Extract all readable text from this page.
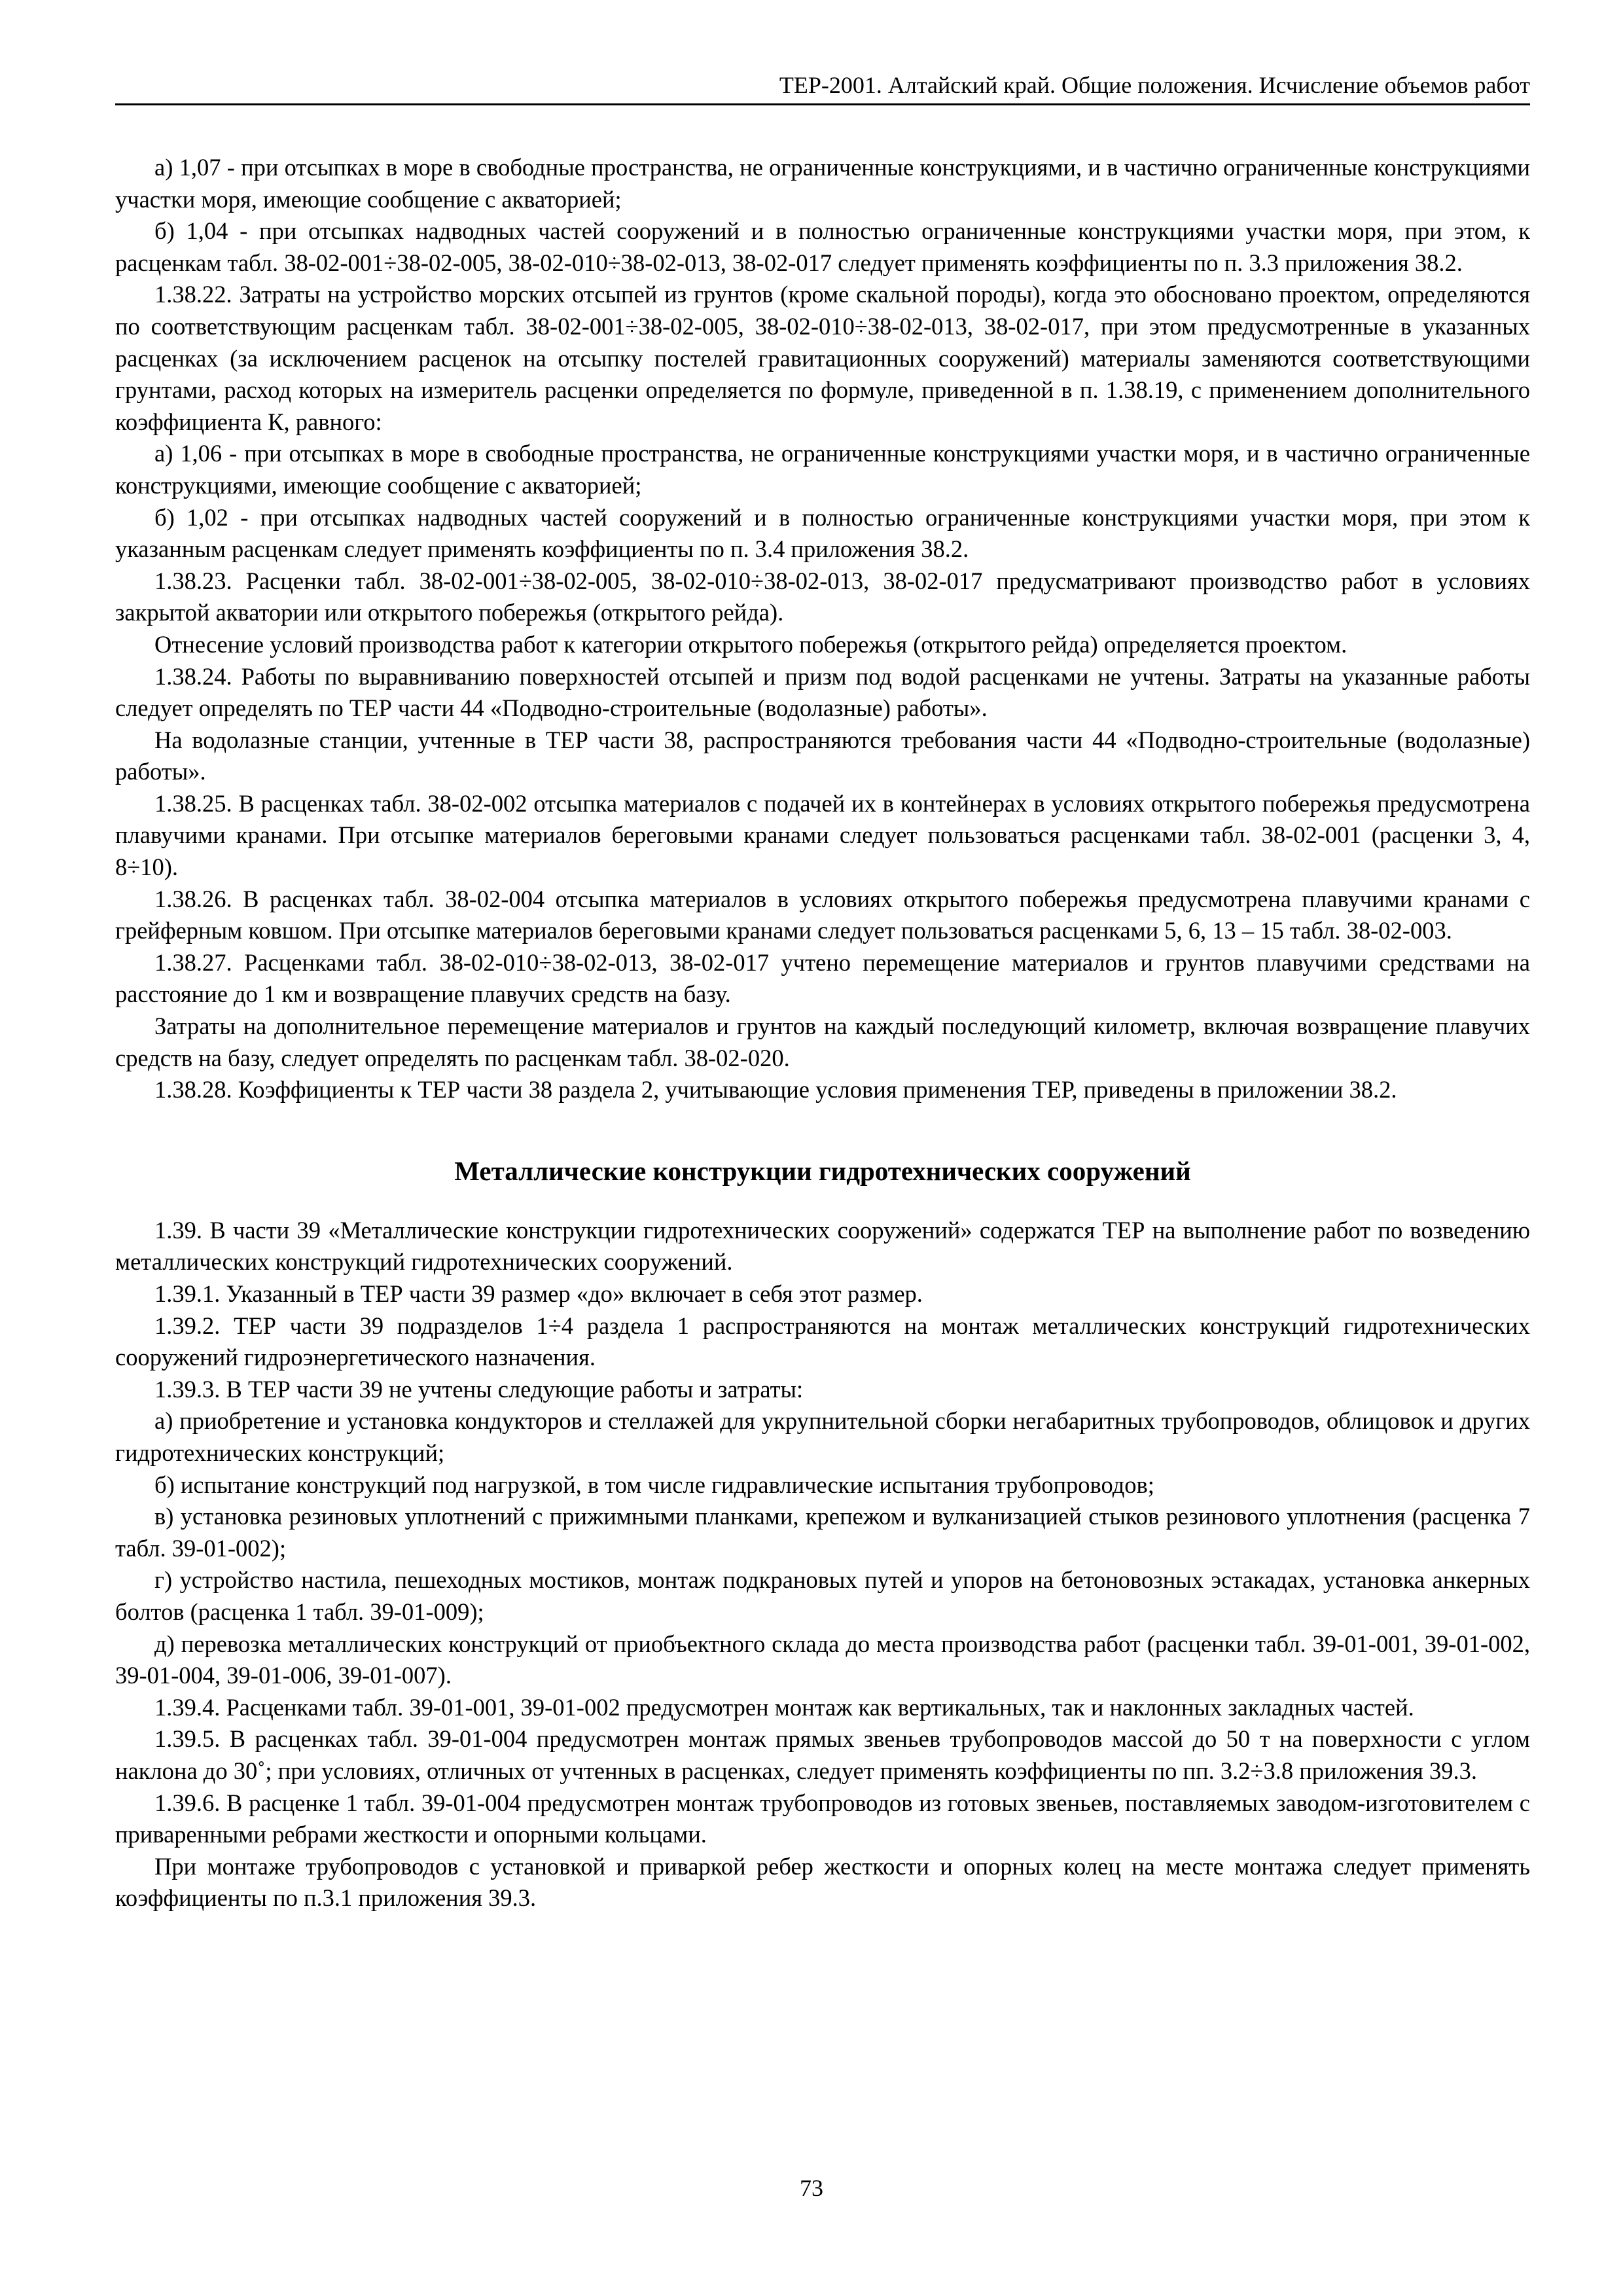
ТЕР-2001. Алтайский край. Общие положения. Исчисление объемов работ

а) 1,07 - при отсыпках в море в свободные пространства, не ограниченные конструкциями, и в частично ограниченные конструкциями участки моря, имеющие сообщение с акваторией;

б) 1,04 - при отсыпках надводных частей сооружений и в полностью ограниченные конструкциями участки моря, при этом, к расценкам табл. 38-02-001÷38-02-005, 38-02-010÷38-02-013, 38-02-017 следует применять коэффициенты по п. 3.3 приложения 38.2.

1.38.22. Затраты на устройство морских отсыпей из грунтов (кроме скальной породы), когда это обосновано проектом, определяются по соответствующим расценкам табл. 38-02-001÷38-02-005, 38-02-010÷38-02-013, 38-02-017, при этом предусмотренные в указанных расценках (за исключением расценок на отсыпку постелей гравитационных сооружений) материалы заменяются соответствующими грунтами, расход которых на измеритель расценки определяется по формуле, приведенной в п. 1.38.19, с применением дополнительного коэффициента К, равного:

а) 1,06 - при отсыпках в море в свободные пространства, не ограниченные конструкциями участки моря, и в частично ограниченные конструкциями, имеющие сообщение с акваторией;

б) 1,02 - при отсыпках надводных частей сооружений и в полностью ограниченные конструкциями участки моря, при этом к указанным расценкам следует применять коэффициенты по п. 3.4 приложения 38.2.

1.38.23. Расценки табл. 38-02-001÷38-02-005, 38-02-010÷38-02-013, 38-02-017 предусматривают производство работ в условиях закрытой акватории или открытого побережья (открытого рейда).

Отнесение условий производства работ к категории открытого побережья (открытого рейда) определяется проектом.

1.38.24. Работы по выравниванию поверхностей отсыпей и призм под водой расценками не учтены. Затраты на указанные работы следует определять по ТЕР части 44 «Подводно-строительные (водолазные) работы».

На водолазные станции, учтенные в ТЕР части 38, распространяются требования части 44 «Подводно-строительные (водолазные) работы».

1.38.25. В расценках табл. 38-02-002 отсыпка материалов с подачей их в контейнерах в условиях открытого побережья предусмотрена плавучими кранами. При отсыпке материалов береговыми кранами следует пользоваться расценками табл. 38-02-001 (расценки 3, 4, 8÷10).

1.38.26. В расценках табл. 38-02-004 отсыпка материалов в условиях открытого побережья предусмотрена плавучими кранами с грейферным ковшом. При отсыпке материалов береговыми кранами следует пользоваться расценками 5, 6, 13 – 15 табл. 38-02-003.

1.38.27. Расценками табл. 38-02-010÷38-02-013, 38-02-017 учтено перемещение материалов и грунтов плавучими средствами на расстояние до 1 км и возвращение плавучих средств на базу.

Затраты на дополнительное перемещение материалов и грунтов на каждый последующий километр, включая возвращение плавучих средств на базу, следует определять по расценкам табл. 38-02-020.

1.38.28. Коэффициенты к ТЕР части 38 раздела 2, учитывающие условия применения ТЕР, приведены в приложении 38.2.

Металлические конструкции гидротехнических сооружений

1.39. В части 39 «Металлические конструкции гидротехнических сооружений» содержатся ТЕР на выполнение работ по возведению металлических конструкций гидротехнических сооружений.

1.39.1. Указанный в ТЕР части 39 размер «до» включает в себя этот размер.

1.39.2. ТЕР части 39 подразделов 1÷4 раздела 1 распространяются на монтаж металлических конструкций гидротехнических сооружений гидроэнергетического назначения.

1.39.3. В ТЕР части 39 не учтены следующие работы и затраты:

а) приобретение и установка кондукторов и стеллажей для укрупнительной сборки негабаритных трубопроводов, облицовок и других гидротехнических конструкций;

б) испытание конструкций под нагрузкой, в том числе гидравлические испытания трубопроводов;

в) установка резиновых уплотнений с прижимными планками, крепежом и вулканизацией стыков резинового уплотнения (расценка 7 табл. 39-01-002);

г) устройство настила, пешеходных мостиков, монтаж подкрановых путей и упоров на бетоновозных эстакадах, установка анкерных болтов (расценка 1 табл. 39-01-009);

д) перевозка металлических конструкций от приобъектного склада до места производства работ (расценки табл. 39-01-001, 39-01-002, 39-01-004, 39-01-006, 39-01-007).

1.39.4. Расценками табл. 39-01-001, 39-01-002 предусмотрен монтаж как вертикальных, так и наклонных закладных частей.

1.39.5. В расценках табл. 39-01-004 предусмотрен монтаж прямых звеньев трубопроводов массой до 50 т на поверхности с углом наклона до 30˚; при условиях, отличных от учтенных в расценках, следует применять коэффициенты по пп. 3.2÷3.8 приложения 39.3.

1.39.6. В расценке 1 табл. 39-01-004 предусмотрен монтаж трубопроводов из готовых звеньев, поставляемых заводом-изготовителем с приваренными ребрами жесткости и опорными кольцами.

При монтаже трубопроводов с установкой и приваркой ребер жесткости и опорных колец на месте монтажа следует применять коэффициенты по п.3.1 приложения 39.3.

73
